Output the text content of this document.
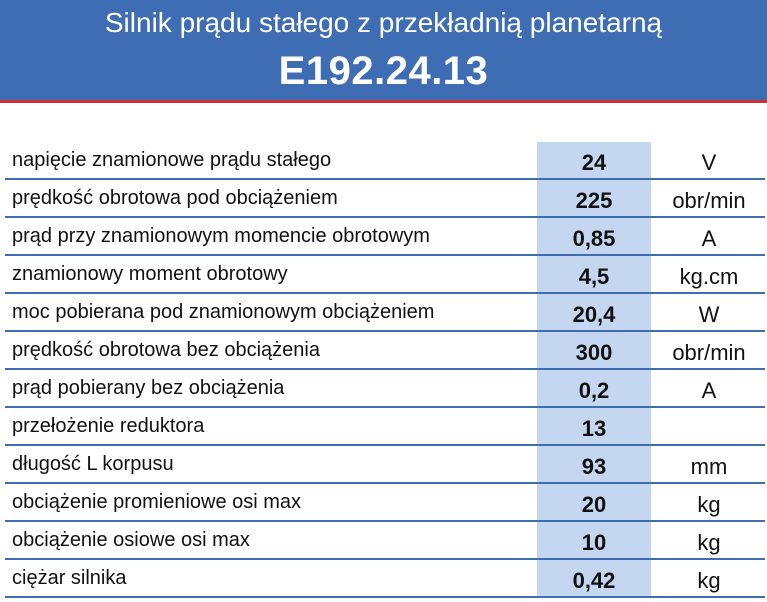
Silnik prądu stałego z przekładnią planetarną
E192.24.13
napięcie znamionowe prądu stałego	24	V
prędkość obrotowa pod obciążeniem	225	obr/min
prąd przy znamionowym momencie obrotowym	0,85	A
znamionowy moment obrotowy	4,5	kg.cm
moc pobierana pod znamionowym obciążeniem	20,4	W
prędkość obrotowa bez obciążenia	300	obr/min
prąd pobierany bez obciążenia	0,2	A
przełożenie reduktora	13
długość L korpusu	93	mm
obciążenie promieniowe osi max	20	kg
obciążenie osiowe osi max	10	kg
ciężar silnika	0,42	kg
